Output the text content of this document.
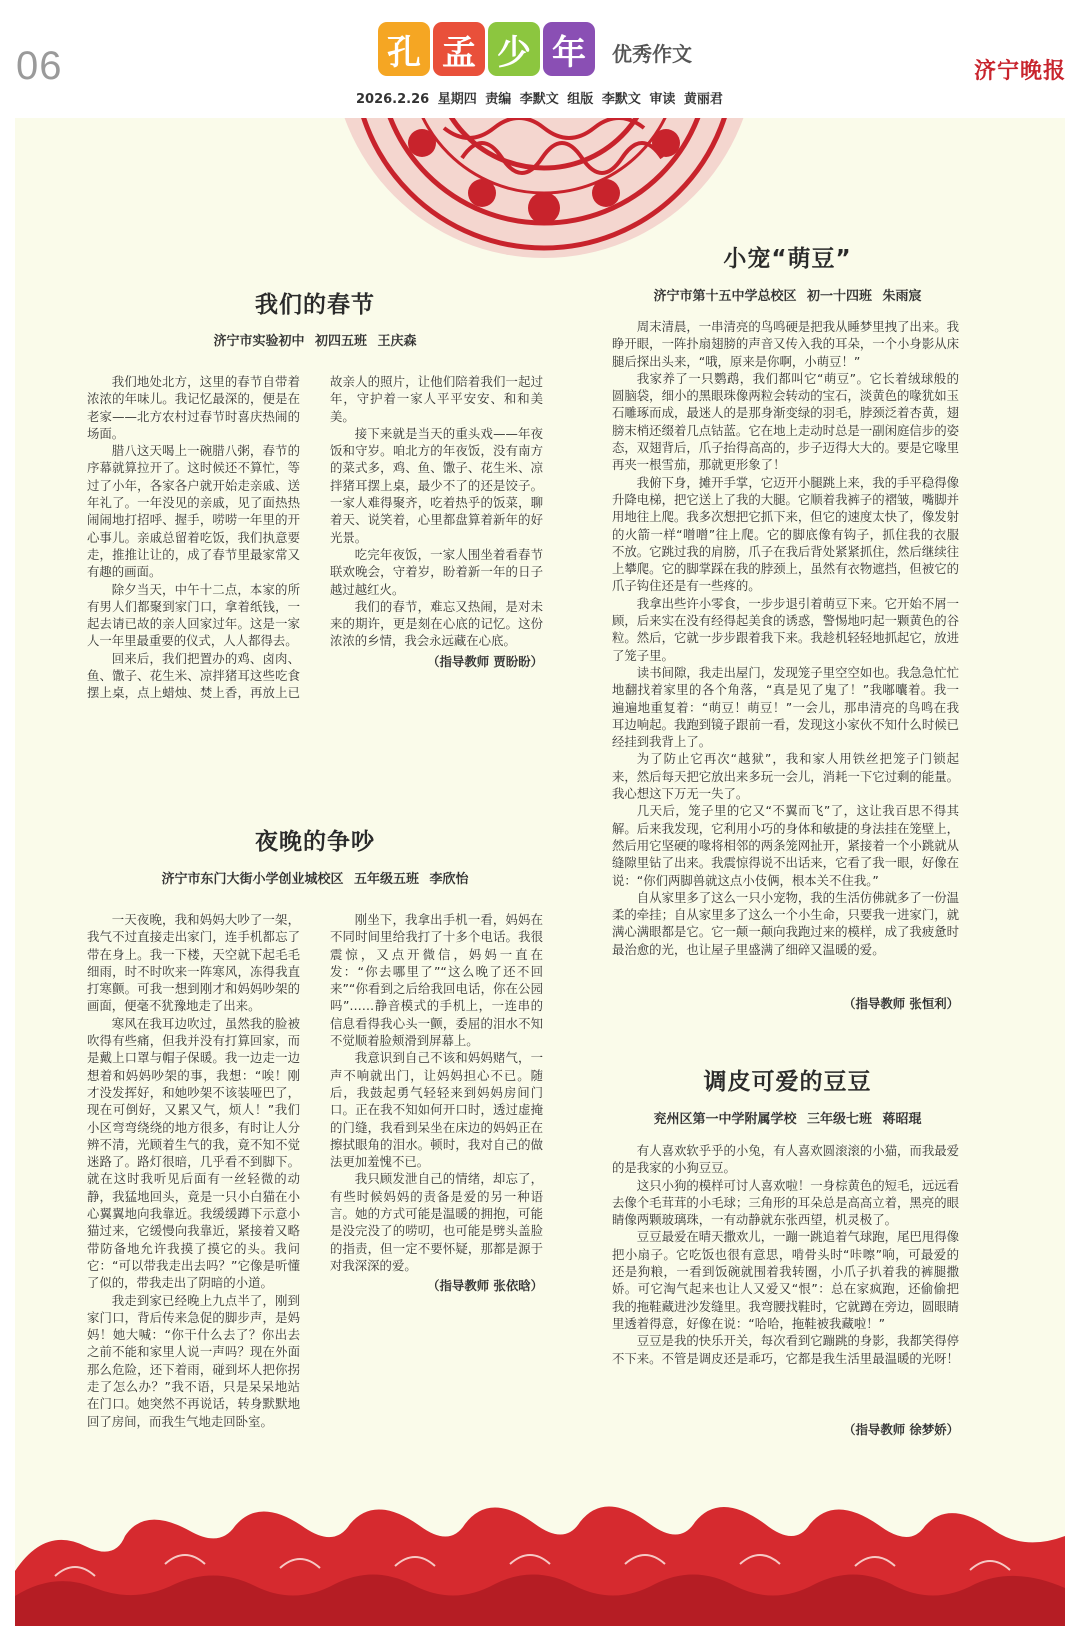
06	孔 孟 少 年	优秀作文
2026.2.26 星期四 责编 李默文 组版 李默文 审读 黄丽君
济宁晚报
我们的春节
济宁市实验初中 初四五班 王庆森

我们地处北方，这里的春节自带着浓浓的年味儿。我记忆最深的，便是在老家——北方农村过春节时喜庆热闹的场面。

腊八这天喝上一碗腊八粥，春节的序幕就算拉开了。这时候还不算忙，等过了小年，各家各户就开始走亲戚、送年礼了。一年没见的亲戚，见了面热热闹闹地打招呼、握手，唠唠一年里的开心事儿。亲戚总留着吃饭，我们执意要走，推推让让的，成了春节里最家常又有趣的画面。

除夕当天，中午十二点，本家的所有男人们都聚到家门口，拿着纸钱，一起去请已故的亲人回家过年。这是一家人一年里最重要的仪式，人人都得去。

回来后，我们把置办的鸡、卤肉、鱼、馓子、花生米、凉拌猪耳这些吃食摆上桌，点上蜡烛、焚上香，再放上已故亲人的照片，让他们陪着我们一起过年，守护着一家人平平安安、和和美美。

接下来就是当天的重头戏——年夜饭和守岁。咱北方的年夜饭，没有南方的菜式多，鸡、鱼、馓子、花生米、凉拌猪耳摆上桌，最少不了的还是饺子。一家人难得聚齐，吃着热乎的饭菜，聊着天、说笑着，心里都盘算着新年的好光景。

吃完年夜饭，一家人围坐着看春节联欢晚会，守着岁，盼着新一年的日子越过越红火。

我们的春节，难忘又热闹，是对未来的期许，更是刻在心底的记忆。这份浓浓的乡情，我会永远藏在心底。

（指导教师 贾盼盼）
夜晚的争吵
济宁市东门大街小学创业城校区 五年级五班 李欣怡

一天夜晚，我和妈妈大吵了一架，我气不过直接走出家门，连手机都忘了带在身上。我一下楼，天空就下起毛毛细雨，时不时吹来一阵寒风，冻得我直打寒颤。可我一想到刚才和妈妈吵架的画面，便毫不犹豫地走了出来。

寒风在我耳边吹过，虽然我的脸被吹得有些痛，但我并没有打算回家，而是戴上口罩与帽子保暖。我一边走一边想着和妈妈吵架的事，我想：“唉！刚才没发挥好，和她吵架不该装哑巴了，现在可倒好，又累又气，烦人！”我们小区弯弯绕绕的地方很多，有时让人分辨不清，光顾着生气的我，竟不知不觉迷路了。路灯很暗，几乎看不到脚下。就在这时我听见后面有一丝轻微的动静，我猛地回头，竟是一只小白猫在小心翼翼地向我靠近。我缓缓蹲下示意小猫过来，它缓慢向我靠近，紧接着又略带防备地允许我摸了摸它的头。我问它：“可以带我走出去吗？”它像是听懂了似的，带我走出了阴暗的小道。

我走到家已经晚上九点半了，刚到家门口，背后传来急促的脚步声，是妈妈！她大喊：“你干什么去了？你出去之前不能和家里人说一声吗？现在外面那么危险，还下着雨，碰到坏人把你拐走了怎么办？”我不语，只是呆呆地站在门口。她突然不再说话，转身默默地回了房间，而我生气地走回卧室。

刚坐下，我拿出手机一看，妈妈在不同时间里给我打了十多个电话。我很震惊，又点开微信，妈妈一直在发：“你去哪里了”“这么晚了还不回来”“你看到之后给我回电话，你在公园吗”……静音模式的手机上，一连串的信息看得我心头一颤，委屈的泪水不知不觉顺着脸颊滑到屏幕上。

我意识到自己不该和妈妈赌气，一声不响就出门，让妈妈担心不已。随后，我鼓起勇气轻轻来到妈妈房间门口。正在我不知如何开口时，透过虚掩的门缝，我看到呆坐在床边的妈妈正在擦拭眼角的泪水。顿时，我对自己的做法更加羞愧不已。

我只顾发泄自己的情绪，却忘了，有些时候妈妈的责备是爱的另一种语言。她的方式可能是温暖的拥抱，可能是没完没了的唠叨，也可能是劈头盖脸的指责，但一定不要怀疑，那都是源于对我深深的爱。

（指导教师 张依晗）
小宠“萌豆”
济宁市第十五中学总校区 初一十四班 朱雨宸

周末清晨，一串清亮的鸟鸣硬是把我从睡梦里拽了出来。我睁开眼，一阵扑扇翅膀的声音又传入我的耳朵，一个小身影从床腿后探出头来，“哦，原来是你啊，小萌豆！”

我家养了一只鹦鹉，我们都叫它“萌豆”。它长着绒球般的圆脑袋，细小的黑眼珠像两粒会转动的宝石，淡黄色的喙犹如玉石雕琢而成，最迷人的是那身渐变绿的羽毛，脖颈泛着杏黄，翅膀末梢还缀着几点钴蓝。它在地上走动时总是一副闲庭信步的姿态，双翅背后，爪子抬得高高的，步子迈得大大的。要是它喙里再夹一根雪茄，那就更形象了！

我俯下身，摊开手掌，它迈开小腿跳上来，我的手平稳得像升降电梯，把它送上了我的大腿。它顺着我裤子的褶皱，嘴脚并用地往上爬。我多次想把它抓下来，但它的速度太快了，像发射的火箭一样“噌噌”往上爬。它的脚底像有钩子，抓住我的衣服不放。它跳过我的肩膀，爪子在我后背处紧紧抓住，然后继续往上攀爬。它的脚掌踩在我的脖颈上，虽然有衣物遮挡，但被它的爪子钩住还是有一些疼的。

我拿出些许小零食，一步步退引着萌豆下来。它开始不屑一顾，后来实在没有经得起美食的诱惑，警惕地叼起一颗黄色的谷粒。然后，它就一步步跟着我下来。我趁机轻轻地抓起它，放进了笼子里。

读书间隙，我走出屋门，发现笼子里空空如也。我急急忙忙地翻找着家里的各个角落，“真是见了鬼了！”我嘟囔着。我一遍遍地重复着：“萌豆！萌豆！”一会儿，那串清亮的鸟鸣在我耳边响起。我跑到镜子跟前一看，发现这小家伙不知什么时候已经挂到我背上了。

为了防止它再次“越狱”，我和家人用铁丝把笼子门锁起来，然后每天把它放出来多玩一会儿，消耗一下它过剩的能量。我心想这下万无一失了。

几天后，笼子里的它又“不翼而飞”了，这让我百思不得其解。后来我发现，它利用小巧的身体和敏捷的身法挂在笼壁上，然后用它坚硬的喙将相邻的两条笼网扯开，紧接着一个小跳就从缝隙里钻了出来。我震惊得说不出话来，它看了我一眼，好像在说：“你们两脚兽就这点小伎俩，根本关不住我。”

自从家里多了这么一只小宠物，我的生活仿佛就多了一份温柔的牵挂；自从家里多了这么一个小生命，只要我一进家门，就满心满眼都是它。它一颠一颠向我跑过来的模样，成了我疲惫时最治愈的光，也让屋子里盛满了细碎又温暖的爱。

（指导教师 张恒利）
调皮可爱的豆豆
兖州区第一中学附属学校 三年级七班 蒋昭琨

有人喜欢软乎乎的小兔，有人喜欢圆滚滚的小猫，而我最爱的是我家的小狗豆豆。

这只小狗的模样可讨人喜欢啦！一身棕黄色的短毛，远远看去像个毛茸茸的小毛球；三角形的耳朵总是高高立着，黑亮的眼睛像两颗玻璃珠，一有动静就东张西望，机灵极了。

豆豆最爱在晴天撒欢儿，一蹦一跳追着气球跑，尾巴甩得像把小扇子。它吃饭也很有意思，啃骨头时“咔嚓”响，可最爱的还是狗粮，一看到饭碗就围着我转圈，小爪子扒着我的裤腿撒娇。可它淘气起来也让人又爱又“恨”：总在家疯跑，还偷偷把我的拖鞋藏进沙发缝里。我弯腰找鞋时，它就蹲在旁边，圆眼睛里透着得意，好像在说：“哈哈，拖鞋被我藏啦！”

豆豆是我的快乐开关，每次看到它蹦跳的身影，我都笑得停不下来。不管是调皮还是乖巧，它都是我生活里最温暖的光呀！

（指导教师 徐梦娇）
